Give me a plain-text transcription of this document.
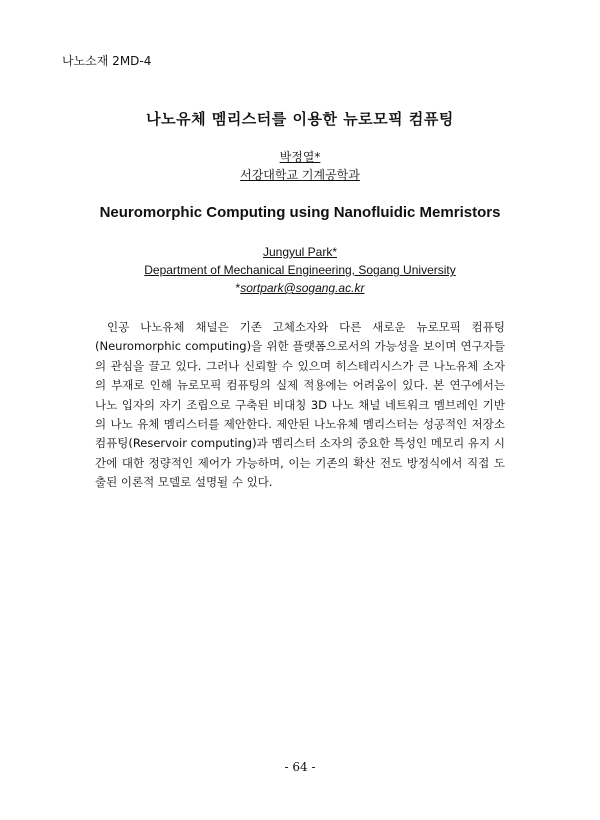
나노소재 2MD-4
나노유체 멤리스터를 이용한 뉴로모픽 컴퓨팅
박정열*
서강대학교 기계공학과
Neuromorphic Computing using Nanofluidic Memristors
Jungyul Park*
Department of Mechanical Engineering, Sogang University
*sortpark@sogang.ac.kr

인공 나노유체 채널은 기존 고체소자와 다른 새로운 뉴로모픽 컴퓨팅(Neuromorphic computing)을 위한 플랫폼으로서의 가능성을 보이며 연구자들의 관심을 끌고 있다. 그러나 신뢰할 수 있으며 히스테리시스가 큰 나노유체 소자의 부재로 인해 뉴로모픽 컴퓨팅의 실제 적용에는 어려움이 있다. 본 연구에서는 나노 입자의 자기 조립으로 구축된 비대칭 3D 나노 채널 네트워크 멤브레인 기반의 나노 유체 멤리스터를 제안한다. 제안된 나노유체 멤리스터는 성공적인 저장소 컴퓨팅(Reservoir computing)과 멤리스터 소자의 중요한 특성인 메모리 유지 시간에 대한 정량적인 제어가 가능하며, 이는 기존의 확산 전도 방정식에서 직접 도출된 이론적 모델로 설명될 수 있다.

- 64 -
